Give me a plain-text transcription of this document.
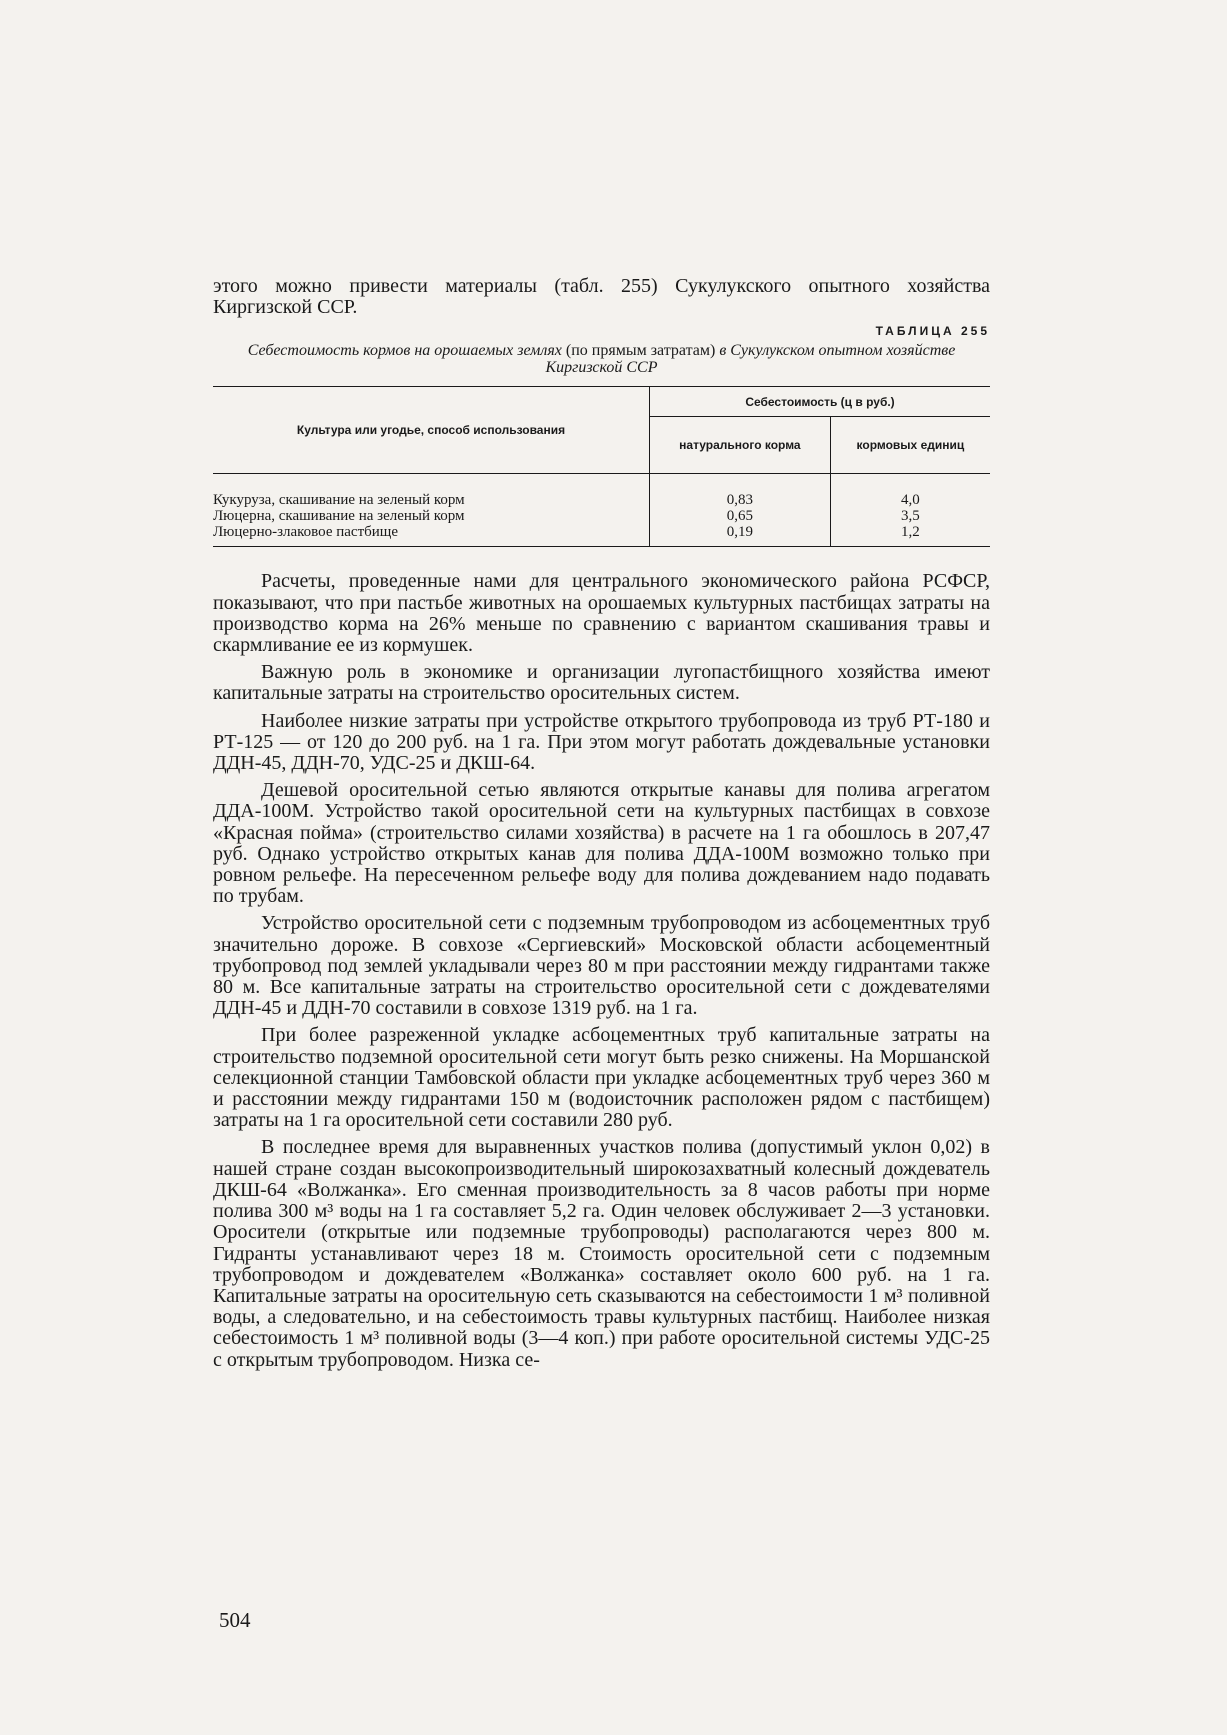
этого можно привести материалы (табл. 255) Сукулукского опытного хозяйства Киргизской ССР.

ТАБЛИЦА 255
Себестоимость кормов на орошаемых землях (по прямым затратам) в Сукулукском опытном хозяйстве Киргизской ССР
Культура или угодье, способ использования	Себестоимость (ц в руб.)	
	натурального корма	кормовых единиц
Кукуруза, скашивание на зеленый корм	0,83	4,0
Люцерна, скашивание на зеленый корм	0,65	3,5
Люцерно-злаковое пастбище	0,19	1,2

Расчеты, проведенные нами для центрального экономического района РСФСР, показывают, что при пастьбе животных на орошаемых культурных пастбищах затраты на производство корма на 26% меньше по сравнению с вариантом скашивания травы и скармливание ее из кормушек.

Важную роль в экономике и организации лугопастбищного хозяйства имеют капитальные затраты на строительство оросительных систем.

Наиболее низкие затраты при устройстве открытого трубопровода из труб РТ-180 и РТ-125 — от 120 до 200 руб. на 1 га. При этом могут работать дождевальные установки ДДН-45, ДДН-70, УДС-25 и ДКШ-64.

Дешевой оросительной сетью являются открытые канавы для полива агрегатом ДДА-100М. Устройство такой оросительной сети на культурных пастбищах в совхозе «Красная пойма» (строительство силами хозяйства) в расчете на 1 га обошлось в 207,47 руб. Однако устройство открытых канав для полива ДДА-100М возможно только при ровном рельефе. На пересеченном рельефе воду для полива дождеванием надо подавать по трубам.

Устройство оросительной сети с подземным трубопроводом из асбоцементных труб значительно дороже. В совхозе «Сергиевский» Московской области асбоцементный трубопровод под землей укладывали через 80 м при расстоянии между гидрантами также 80 м. Все капитальные затраты на строительство оросительной сети с дождевателями ДДН-45 и ДДН-70 составили в совхозе 1319 руб. на 1 га.

При более разреженной укладке асбоцементных труб капитальные затраты на строительство подземной оросительной сети могут быть резко снижены. На Моршанской селекционной станции Тамбовской области при укладке асбоцементных труб через 360 м и расстоянии между гидрантами 150 м (водоисточник расположен рядом с пастбищем) затраты на 1 га оросительной сети составили 280 руб.

В последнее время для выравненных участков полива (допустимый уклон 0,02) в нашей стране создан высокопроизводительный широкозахватный колесный дождеватель ДКШ-64 «Волжанка». Его сменная производительность за 8 часов работы при норме полива 300 м³ воды на 1 га составляет 5,2 га. Один человек обслуживает 2—3 установки. Оросители (открытые или подземные трубопроводы) располагаются через 800 м. Гидранты устанавливают через 18 м. Стоимость оросительной сети с подземным трубопроводом и дождевателем «Волжанка» составляет около 600 руб. на 1 га. Капитальные затраты на оросительную сеть сказываются на себестоимости 1 м³ поливной воды, а следовательно, и на себестоимость травы культурных пастбищ. Наиболее низкая себестоимость 1 м³ поливной воды (3—4 коп.) при работе оросительной системы УДС-25 с открытым трубопроводом. Низка се-

504
